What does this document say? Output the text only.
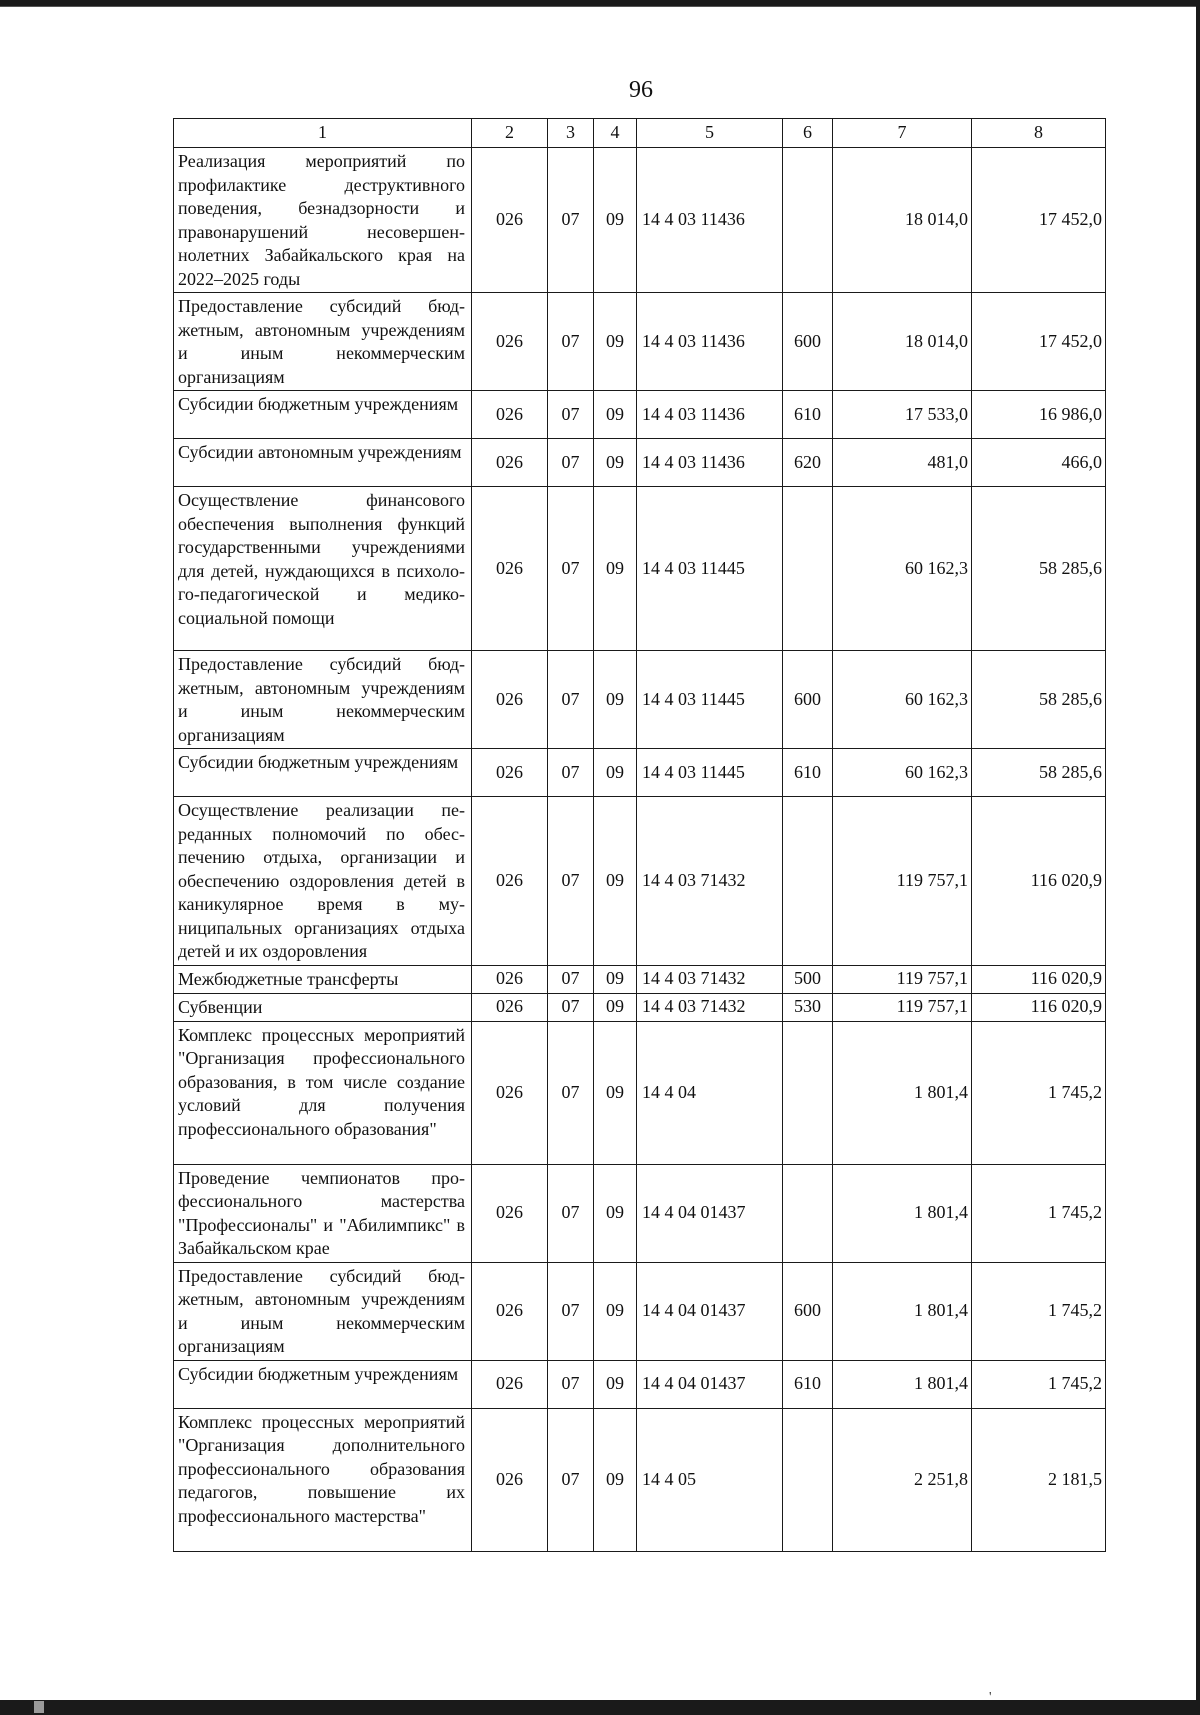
96
1	2	3	4	5	6	7	8
Реализация мероприятий по профилактике деструктивного поведения, безнадзорности и правонарушений несовершеннолетних Забайкальского края на 2022–2025 годы	026	07	09	14 4 03 11436		18 014,0	17 452,0
Предоставление субсидий бюджетным, автономным учреждениям и иным некоммерческим организациям	026	07	09	14 4 03 11436	600	18 014,0	17 452,0
Субсидии бюджетным учреждениям	026	07	09	14 4 03 11436	610	17 533,0	16 986,0
Субсидии автономным учреждениям	026	07	09	14 4 03 11436	620	481,0	466,0
Осуществление финансового обеспечения выполнения функций государственными учреждениями для детей, нуждающихся в психолого-педагогической и медико-социальной помощи	026	07	09	14 4 03 11445		60 162,3	58 285,6
Предоставление субсидий бюджетным, автономным учреждениям и иным некоммерческим организациям	026	07	09	14 4 03 11445	600	60 162,3	58 285,6
Субсидии бюджетным учреждениям	026	07	09	14 4 03 11445	610	60 162,3	58 285,6
Осуществление реализации переданных полномочий по обеспечению отдыха, организации и обеспечению оздоровления детей в каникулярное время в муниципальных организациях отдыха детей и их оздоровления	026	07	09	14 4 03 71432		119 757,1	116 020,9
Межбюджетные трансферты	026	07	09	14 4 03 71432	500	119 757,1	116 020,9
Субвенции	026	07	09	14 4 03 71432	530	119 757,1	116 020,9
Комплекс процессных мероприятий "Организация профессионального образования, в том числе создание условий для получения профессионального образования"	026	07	09	14 4 04		1 801,4	1 745,2
Проведение чемпионатов профессионального мастерства "Профессионалы" и "Абилимпикс" в Забайкальском крае	026	07	09	14 4 04 01437		1 801,4	1 745,2
Предоставление субсидий бюджетным, автономным учреждениям и иным некоммерческим организациям	026	07	09	14 4 04 01437	600	1 801,4	1 745,2
Субсидии бюджетным учреждениям	026	07	09	14 4 04 01437	610	1 801,4	1 745,2
Комплекс процессных мероприятий "Организация дополнительного профессионального образования педагогов, повышение их профессионального мастерства"	026	07	09	14 4 05		2 251,8	2 181,5
'
